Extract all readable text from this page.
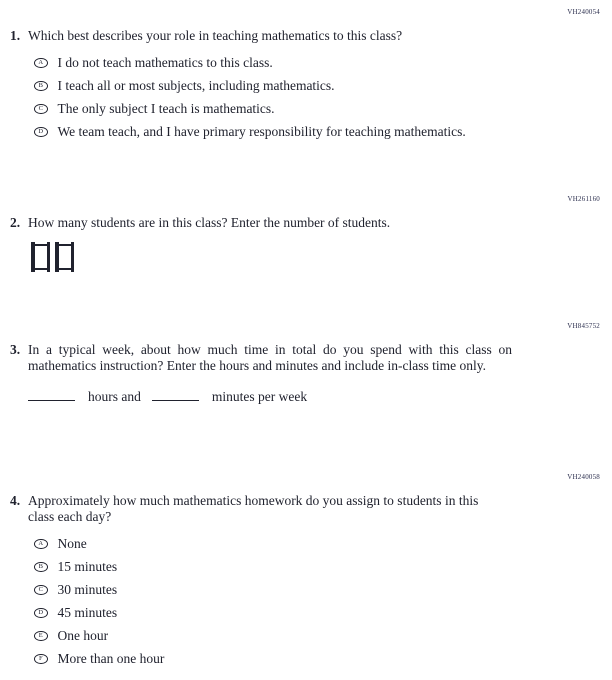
VH240054
1. Which best describes your role in teaching mathematics to this class?
A	I do not teach mathematics to this class.
B	I teach all or most subjects, including mathematics.
C	The only subject I teach is mathematics.
D	We team teach, and I have primary responsibility for teaching mathematics.
VH261160
2. How many students are in this class? Enter the number of students.
VH845752
3. In a typical week, about how much time in total do you spend with this class on mathematics instruction? Enter the hours and minutes and include in-class time only.
hours and	minutes per week
VH240058
4. Approximately how much mathematics homework do you assign to students in this class each day?
A	None
B	15 minutes
C	30 minutes
D	45 minutes
E	One hour
F	More than one hour
